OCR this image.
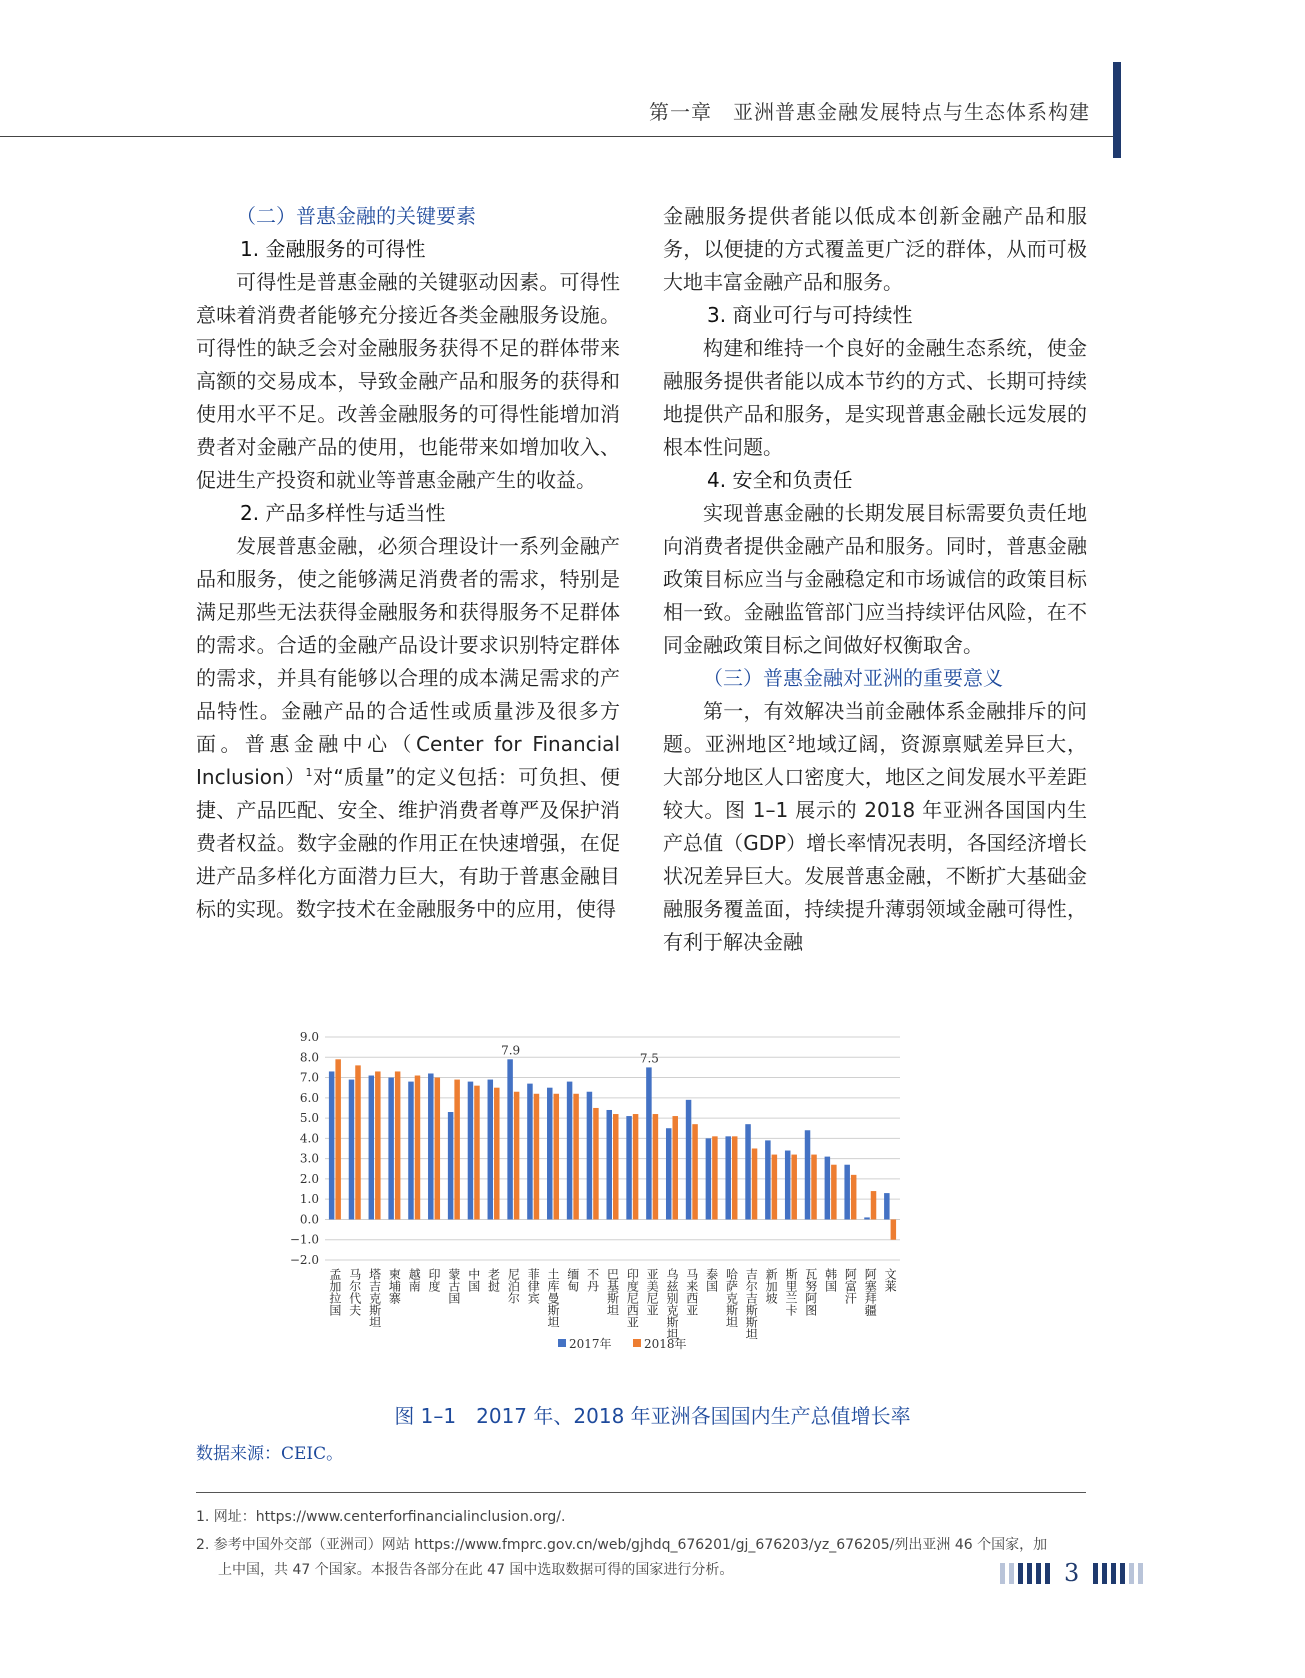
第一章　亚洲普惠金融发展特点与生态体系构建
（二）普惠金融的关键要素
1. 金融服务的可得性

可得性是普惠金融的关键驱动因素。可得性意味着消费者能够充分接近各类金融服务设施。可得性的缺乏会对金融服务获得不足的群体带来高额的交易成本，导致金融产品和服务的获得和使用水平不足。改善金融服务的可得性能增加消费者对金融产品的使用，也能带来如增加收入、促进生产投资和就业等普惠金融产生的收益。

2. 产品多样性与适当性

发展普惠金融，必须合理设计一系列金融产品和服务，使之能够满足消费者的需求，特别是满足那些无法获得金融服务和获得服务不足群体的需求。合适的金融产品设计要求识别特定群体的需求，并具有能够以合理的成本满足需求的产品特性。金融产品的合适性或质量涉及很多方面。普惠金融中心（Center for Financial Inclusion）$^1$对“质量”的定义包括：可负担、便捷、产品匹配、安全、维护消费者尊严及保护消费者权益。数字金融的作用正在快速增强，在促进产品多样化方面潜力巨大，有助于普惠金融目标的实现。数字技术在金融服务中的应用，使得

金融服务提供者能以低成本创新金融产品和服务，以便捷的方式覆盖更广泛的群体，从而可极大地丰富金融产品和服务。

3. 商业可行与可持续性

构建和维持一个良好的金融生态系统，使金融服务提供者能以成本节约的方式、长期可持续地提供产品和服务，是实现普惠金融长远发展的根本性问题。

4. 安全和负责任

实现普惠金融的长期发展目标需要负责任地向消费者提供金融产品和服务。同时，普惠金融政策目标应当与金融稳定和市场诚信的政策目标相一致。金融监管部门应当持续评估风险，在不同金融政策目标之间做好权衡取舍。

（三）普惠金融对亚洲的重要意义

第一，有效解决当前金融体系金融排斥的问题。亚洲地区$^2$地域辽阔，资源禀赋差异巨大，大部分地区人口密度大，地区之间发展水平差距较大。图 1–1 展示的 2018 年亚洲各国国内生产总值（GDP）增长率情况表明，各国经济增长状况差异巨大。发展普惠金融，不断扩大基础金融服务覆盖面，持续提升薄弱领域金融可得性，有利于解决金融

9.0
8.0
7.0
6.0
5.0
4.0
3.0
2.0
1.0
0.0
−1.0
−2.0
7.9
7.5
孟加拉国 马尔代夫 塔吉克斯坦 柬埔寨 越南 印度 蒙古国 中国 老挝 尼泊尔 菲律宾 土库曼斯坦 缅甸 不丹 巴基斯坦 印度尼西亚 亚美尼亚 乌兹别克斯坦 马来西亚 泰国 哈萨克斯坦 吉尔吉斯斯坦 新加坡 斯里兰卡 瓦努阿图 韩国 阿富汗 阿塞拜疆 文莱
2017年	2018年
图 1–1　2017 年、2018 年亚洲各国国内生产总值增长率
数据来源：CEIC。
1. 网址：https://www.centerforfinancialinclusion.org/.
2. 参考中国外交部（亚洲司）网站 https://www.fmprc.gov.cn/web/gjhdq_676201/gj_676203/yz_676205/列出亚洲 46 个国家，加
上中国，共 47 个国家。本报告各部分在此 47 国中选取数据可得的国家进行分析。	3
